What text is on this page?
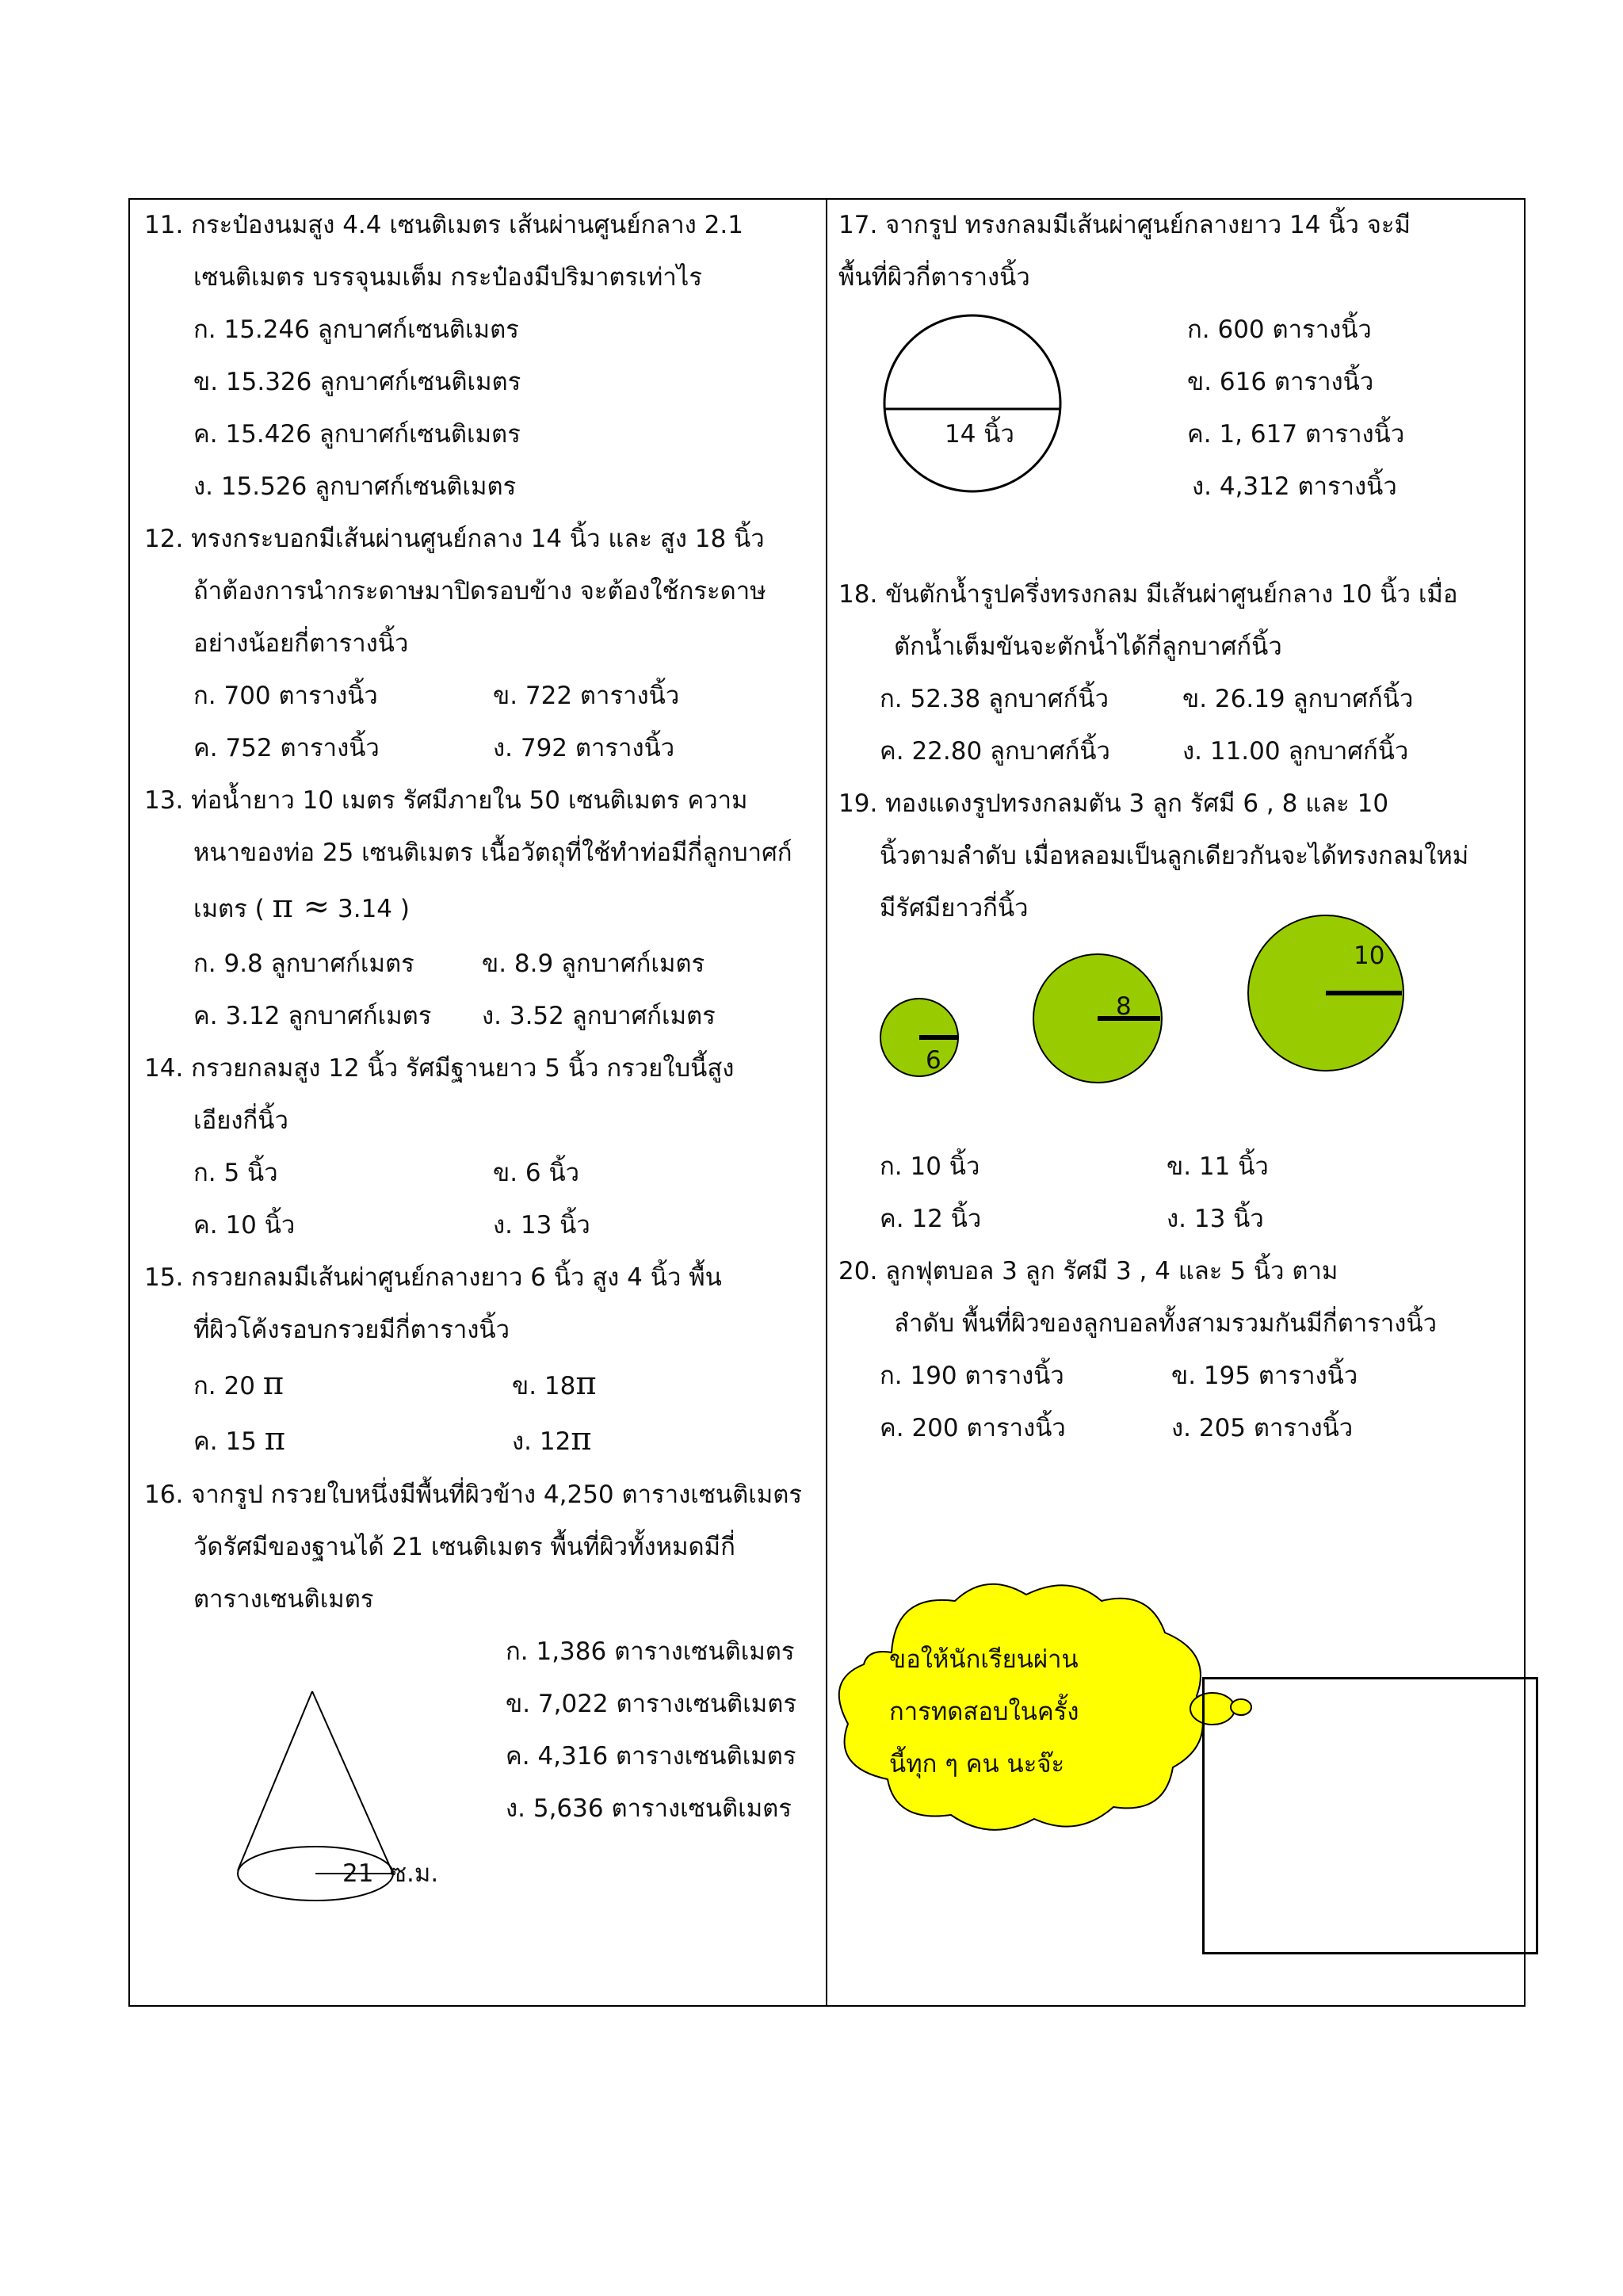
11. กระป๋องนมสูง 4.4 เซนติเมตร เส้นผ่านศูนย์กลาง 2.1
เซนติเมตร บรรจุนมเต็ม กระป๋องมีปริมาตรเท่าไร
ก. 15.246 ลูกบาศก์เซนติเมตร
ข. 15.326 ลูกบาศก์เซนติเมตร
ค. 15.426 ลูกบาศก์เซนติเมตร
ง. 15.526 ลูกบาศก์เซนติเมตร
12. ทรงกระบอกมีเส้นผ่านศูนย์กลาง 14 นิ้ว และ สูง 18 นิ้ว
ถ้าต้องการนำกระดาษมาปิดรอบข้าง จะต้องใช้กระดาษ
อย่างน้อยกี่ตารางนิ้ว
ก. 700 ตารางนิ้ว	ข. 722 ตารางนิ้ว
ค. 752 ตารางนิ้ว	ง. 792 ตารางนิ้ว
13. ท่อน้ำยาว 10 เมตร รัศมีภายใน 50 เซนติเมตร ความ
หนาของท่อ 25 เซนติเมตร เนื้อวัตถุที่ใช้ทำท่อมีกี่ลูกบาศก์
เมตร ( π ≈ 3.14 )
ก. 9.8 ลูกบาศก์เมตร	ข. 8.9 ลูกบาศก์เมตร
ค. 3.12 ลูกบาศก์เมตร ง. 3.52 ลูกบาศก์เมตร
14. กรวยกลมสูง 12 นิ้ว รัศมีฐานยาว 5 นิ้ว กรวยใบนี้สูง
เอียงกี่นิ้ว
ก. 5 นิ้ว	ข. 6 นิ้ว
ค. 10 นิ้ว	ง. 13 นิ้ว
15. กรวยกลมมีเส้นผ่าศูนย์กลางยาว 6 นิ้ว สูง 4 นิ้ว พื้น
ที่ผิวโค้งรอบกรวยมีกี่ตารางนิ้ว
ก. 20 π	ข. 18π
ค. 15 π	ง. 12π
16. จากรูป กรวยใบหนึ่งมีพื้นที่ผิวข้าง 4,250 ตารางเซนติเมตร
วัดรัศมีของฐานได้ 21 เซนติเมตร พื้นที่ผิวทั้งหมดมีกี่
ตารางเซนติเมตร
ก. 1,386 ตารางเซนติเมตร
ข. 7,022 ตารางเซนติเมตร
ค. 4,316 ตารางเซนติเมตร
ง. 5,636 ตารางเซนติเมตร
21 ซ.ม.
17. จากรูป ทรงกลมมีเส้นผ่าศูนย์กลางยาว 14 นิ้ว จะมี
พื้นที่ผิวกี่ตารางนิ้ว
14 นิ้ว
ก. 600 ตารางนิ้ว
ข. 616 ตารางนิ้ว
ค. 1, 617 ตารางนิ้ว
ง. 4,312 ตารางนิ้ว
18. ขันตักน้ำรูปครึ่งทรงกลม มีเส้นผ่าศูนย์กลาง 10 นิ้ว เมื่อ
ตักน้ำเต็มขันจะตักน้ำได้กี่ลูกบาศก์นิ้ว
ก. 52.38 ลูกบาศก์นิ้ว	ข. 26.19 ลูกบาศก์นิ้ว
ค. 22.80 ลูกบาศก์นิ้ว	ง. 11.00 ลูกบาศก์นิ้ว
19. ทองแดงรูปทรงกลมตัน 3 ลูก รัศมี 6 , 8 และ 10
นิ้วตามลำดับ เมื่อหลอมเป็นลูกเดียวกันจะได้ทรงกลมใหม่
มีรัศมียาวกี่นิ้ว
6
8
10
ก. 10 นิ้ว	ข. 11 นิ้ว
ค. 12 นิ้ว	ง. 13 นิ้ว
20. ลูกฟุตบอล 3 ลูก รัศมี 3 , 4 และ 5 นิ้ว ตาม
ลำดับ พื้นที่ผิวของลูกบอลทั้งสามรวมกันมีกี่ตารางนิ้ว
ก. 190 ตารางนิ้ว	ข. 195 ตารางนิ้ว
ค. 200 ตารางนิ้ว	ง. 205 ตารางนิ้ว
ขอให้นักเรียนผ่าน
การทดสอบในครั้ง
นี้ทุก ๆ คน นะจ๊ะ
